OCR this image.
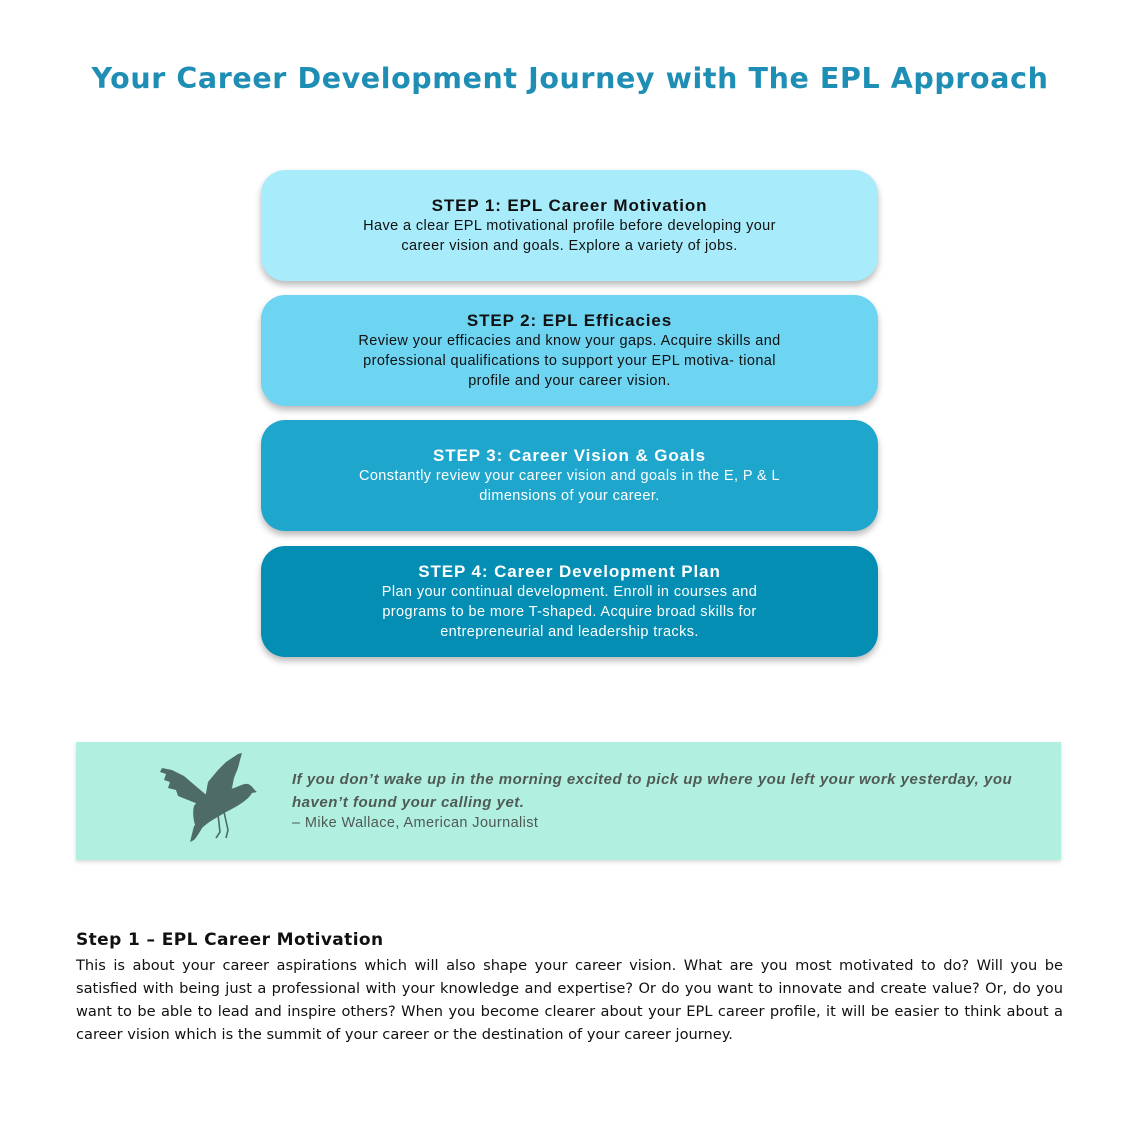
Your Career Development Journey with The EPL Approach
STEP 1: EPL Career Motivation
Have a clear EPL motivational profile before developing your career vision and goals. Explore a variety of jobs.
STEP 2: EPL Efficacies
Review your efficacies and know your gaps. Acquire skills and professional qualifications to support your EPL motiva- tional profile and your career vision.
STEP 3: Career Vision & Goals
Constantly review your career vision and goals in the E, P & L dimensions of your career.
STEP 4: Career Development Plan
Plan your continual development. Enroll in courses and programs to be more T-shaped. Acquire broad skills for entrepreneurial and leadership tracks.
If you don’t wake up in the morning excited to pick up where you left your work yesterday, you haven’t found your calling yet.
– Mike Wallace, American Journalist
Step 1 – EPL Career Motivation
This is about your career aspirations which will also shape your career vision. What are you most motivated to do? Will you be satisfied with being just a professional with your knowledge and expertise? Or do you want to innovate and create value? Or, do you want to be able to lead and inspire others? When you become clearer about your EPL career profile, it will be easier to think about a career vision which is the summit of your career or the destination of your career journey.
